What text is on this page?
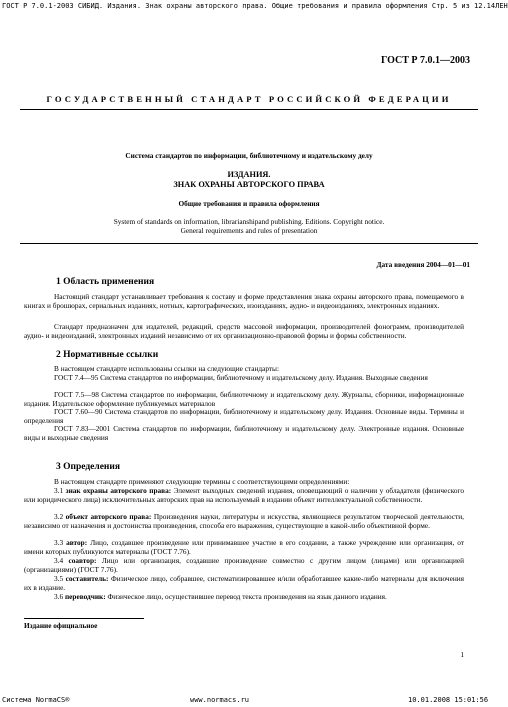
ГОСТ Р 7.0.1-2003 СИБИД. Издания. Знак охраны авторского права. Общие требования и правила оформления Стр. 5 из 12.14ЛЕН
ГОСТ Р 7.0.1—2003
ГОСУДАРСТВЕННЫЙ СТАНДАРТ РОССИЙСКОЙ ФЕДЕРАЦИИ
Система стандартов по информации, библиотечному и издательскому делу
ИЗДАНИЯ.
ЗНАК ОХРАНЫ АВТОРСКОГО ПРАВА
Общие требования и правила оформления
System of standards on information, librarianshipand publishing. Editions. Copyright notice.
General requirements and rules of presentation
Дата введения 2004—01—01
1 Область применения
Настоящий стандарт устанавливает требования к составу и форме представления знака охраны авторского права, помещаемого в книгах и брошюрах, сериальных изданиях, нотных, картографических, изоизданиях, аудио- и видеоизданиях, электронных изданиях.
Стандарт предназначен для издателей, редакций, средств массовой информации, производителей фонограмм, производителей аудио- и видеоизданий, электронных изданий независимо от их организационно-правовой формы и формы собственности.
2 Нормативные ссылки
В настоящем стандарте использованы ссылки на следующие стандарты:
ГОСТ 7.4—95 Система стандартов по информации, библиотечному и издательскому делу. Издания. Выходные сведения
ГОСТ 7.5—98 Система стандартов по информации, библиотечному и издательскому делу. Журналы, сборники, информационные издания. Издательское оформление публикуемых материалов
ГОСТ 7.60—90 Система стандартов по информации, библиотечному и издательскому делу. Издания. Основные виды. Термины и определения
ГОСТ 7.83—2001 Система стандартов по информации, библиотечному и издательскому делу. Электронные издания. Основные виды и выходные сведения
3 Определения
В настоящем стандарте применяют следующие термины с соответствующими определениями:
3.1 знак охраны авторского права: Элемент выходных сведений издания, оповещающий о наличии у обладателя (физического или юридического лица) исключительных авторских прав на используемый в издании объект интеллектуальной собственности.
3.2 объект авторского права: Произведения науки, литературы и искусства, являющиеся результатом творческой деятельности, независимо от назначения и достоинства произведения, способа его выражения, существующие в какой-либо объективной форме.
3.3 автор: Лицо, создавшее произведение или принимавшее участие в его создании, а также учреждение или организация, от имени которых публикуются материалы (ГОСТ 7.76).
3.4 соавтор: Лицо или организация, создавшие произведение совместно с другим лицом (лицами) или организацией (организациями) (ГОСТ 7.76).
3.5 составитель: Физическое лицо, собравшее, систематизировавшее и/или обработавшее какие-либо материалы для включения их в издание.
3.6 переводчик: Физическое лицо, осуществившее перевод текста произведения на язык данного издания.
Издание официальное
1
Система NormaCS®	www.normacs.ru	10.01.2008 15:01:56
